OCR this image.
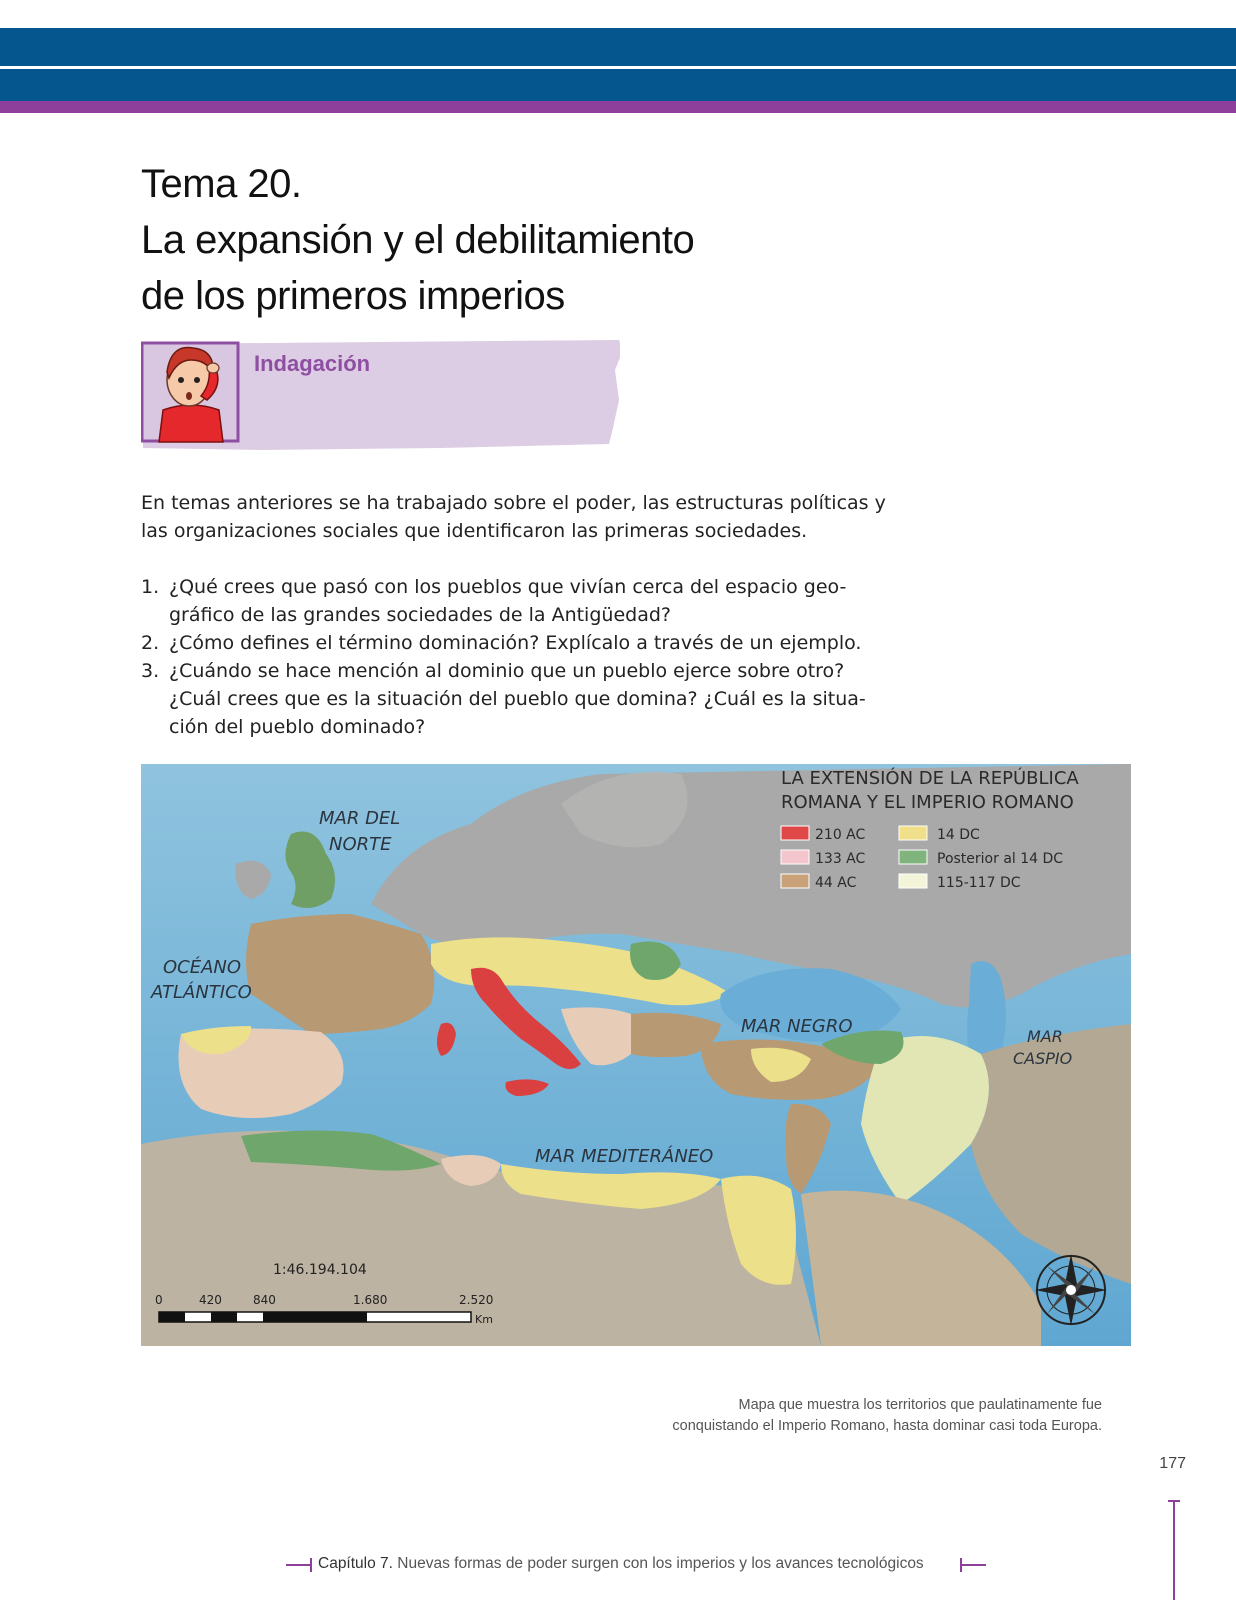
Tema 20.
La expansión y el debilitamiento
de los primeros imperios
Indagación
En temas anteriores se ha trabajado sobre el poder, las estructuras políticas y
las organizaciones sociales que identificaron las primeras sociedades.
1. ¿Qué crees que pasó con los pueblos que vivían cerca del espacio geo-
gráfico de las grandes sociedades de la Antigüedad?
2. ¿Cómo defines el término dominación? Explícalo a través de un ejemplo.
3. ¿Cuándo se hace mención al dominio que un pueblo ejerce sobre otro?
¿Cuál crees que es la situación del pueblo que domina? ¿Cuál es la situa-
ción del pueblo dominado?
LA EXTENSIÓN DE LA REPÚBLICA
ROMANA Y EL IMPERIO ROMANO
210 AC
133 AC
44 AC
14 DC
Posterior al 14 DC
115-117 DC
MAR DEL
NORTE
OCÉANO
ATLÁNTICO
MAR NEGRO	MAR
CASPIO
MAR MEDITERÁNEO
1:46.194.104
0	420	840	1.680	2.520
Km
Mapa que muestra los territorios que paulatinamente fue
conquistando el Imperio Romano, hasta dominar casi toda Europa.
177
Capítulo 7. Nuevas formas de poder surgen con los imperios y los avances tecnológicos
